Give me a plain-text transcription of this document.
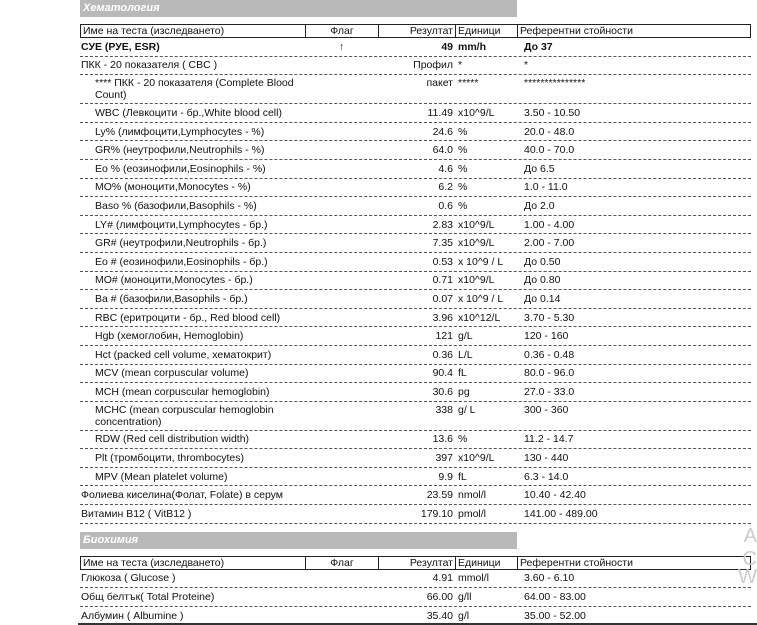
Хематология
Име на теста (изследването)	Флаг	Резултат Единици	Референтни стойности
СУЕ (РУЕ, ESR)	↑	49 mm/h	До 37
ПКК - 20 показателя ( CBC )	Профил *	*
**** ПКК - 20 показателя (Complete Blood Count)
пакет *****	***************
WBC (Левкоцити - бр.,White blood cell)	11.49 x10^9/L	3.50 - 10.50
Ly% (лимфоцити,Lymphocytes - %)	24.6 %	20.0 - 48.0
GR% (неутрофили,Neutrophils - %)	64.0 %	40.0 - 70.0
Eo % (еозинофили,Eosinophils - %)	4.6 %	До 6.5
MO% (моноцити,Monocytes - %)	6.2 %	1.0 - 11.0
Baso % (базофили,Basophils - %)	0.6 %	До 2.0
LY# (лимфоцити,Lymphocytes - бр.)	2.83 x10^9/L	1.00 - 4.00
GR# (неутрофили,Neutrophils - бр.)	7.35 x10^9/L	2.00 - 7.00
Eo # (еозинофили,Eosinophils - бр.)	0.53 x 10^9 / L	До 0.50
MO# (моноцити,Monocytes - бр.)	0.71 x10^9/L	До 0.80
Ba # (базофили,Basophils - бр.)	0.07 x 10^9 / L	До 0.14
RBC (еритроцити - бр., Red blood cell)	3.96 x10^12/L	3.70 - 5.30
Hgb (хемоглобин, Hemoglobin)	121 g/L	120 - 160
Hct (packed cell volume, хематокрит)	0.36 L/L	0.36 - 0.48
MCV (mean corpuscular volume)	90.4 fL	80.0 - 96.0
MCH (mean corpuscular hemoglobin)	30.6 pg	27.0 - 33.0
MCHC (mean corpuscular hemoglobin concentration)
338 g/ L	300 - 360
RDW (Red cell distribution width)	13.6 %	11.2 - 14.7
Plt (тромбоцити, thrombocytes)	397 x10^9/L	130 - 440
MPV (Mean platelet volume)	9.9 fL	6.3 - 14.0
Фолиева киселина(Фолат, Folate) в серум	23.59 nmol/l	10.40 - 42.40
Витамин B12 ( VitB12 )	179.10 pmol/l	141.00 - 489.00
Биохимия
Име на теста (изследването)	Флаг	Резултат Единици	Референтни стойности
Глюкоза ( Glucose )	4.91 mmol/l	3.60 - 6.10
Общ белтък( Total Proteine)	66.00 g/ll	64.00 - 83.00
Албумин ( Albumine )	35.40 g/l	35.00 - 52.00
A
C
W
